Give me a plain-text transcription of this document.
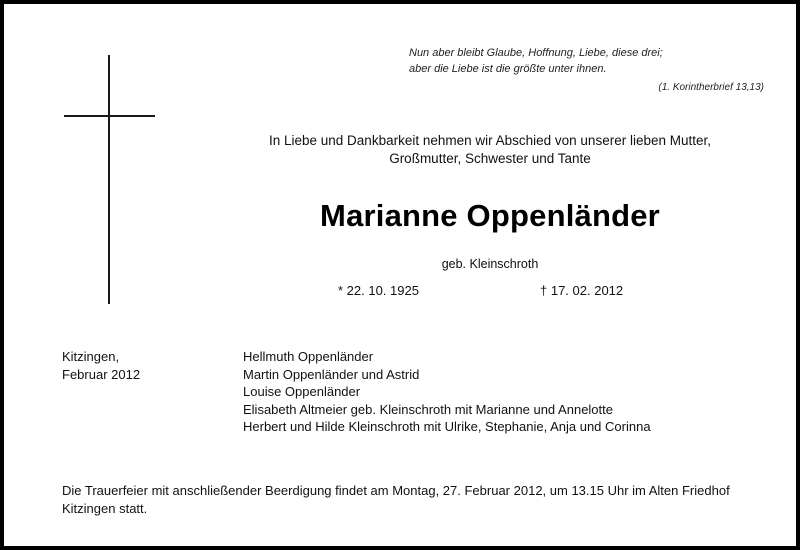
Nun aber bleibt Glaube, Hoffnung, Liebe, diese drei;
aber die Liebe ist die größte unter ihnen.
(1. Korintherbrief 13,13)
In Liebe und Dankbarkeit nehmen wir Abschied von unserer lieben Mutter,
Großmutter, Schwester und Tante
Marianne Oppenländer
geb. Kleinschroth
* 22. 10. 1925	† 17. 02. 2012
Kitzingen,
Februar 2012
Hellmuth Oppenländer
Martin Oppenländer und Astrid
Louise Oppenländer
Elisabeth Altmeier geb. Kleinschroth mit Marianne und Annelotte
Herbert und Hilde Kleinschroth mit Ulrike, Stephanie, Anja und Corinna
Die Trauerfeier mit anschließender Beerdigung findet am Montag, 27. Februar 2012, um 13.15 Uhr im Alten Friedhof Kitzingen statt.
